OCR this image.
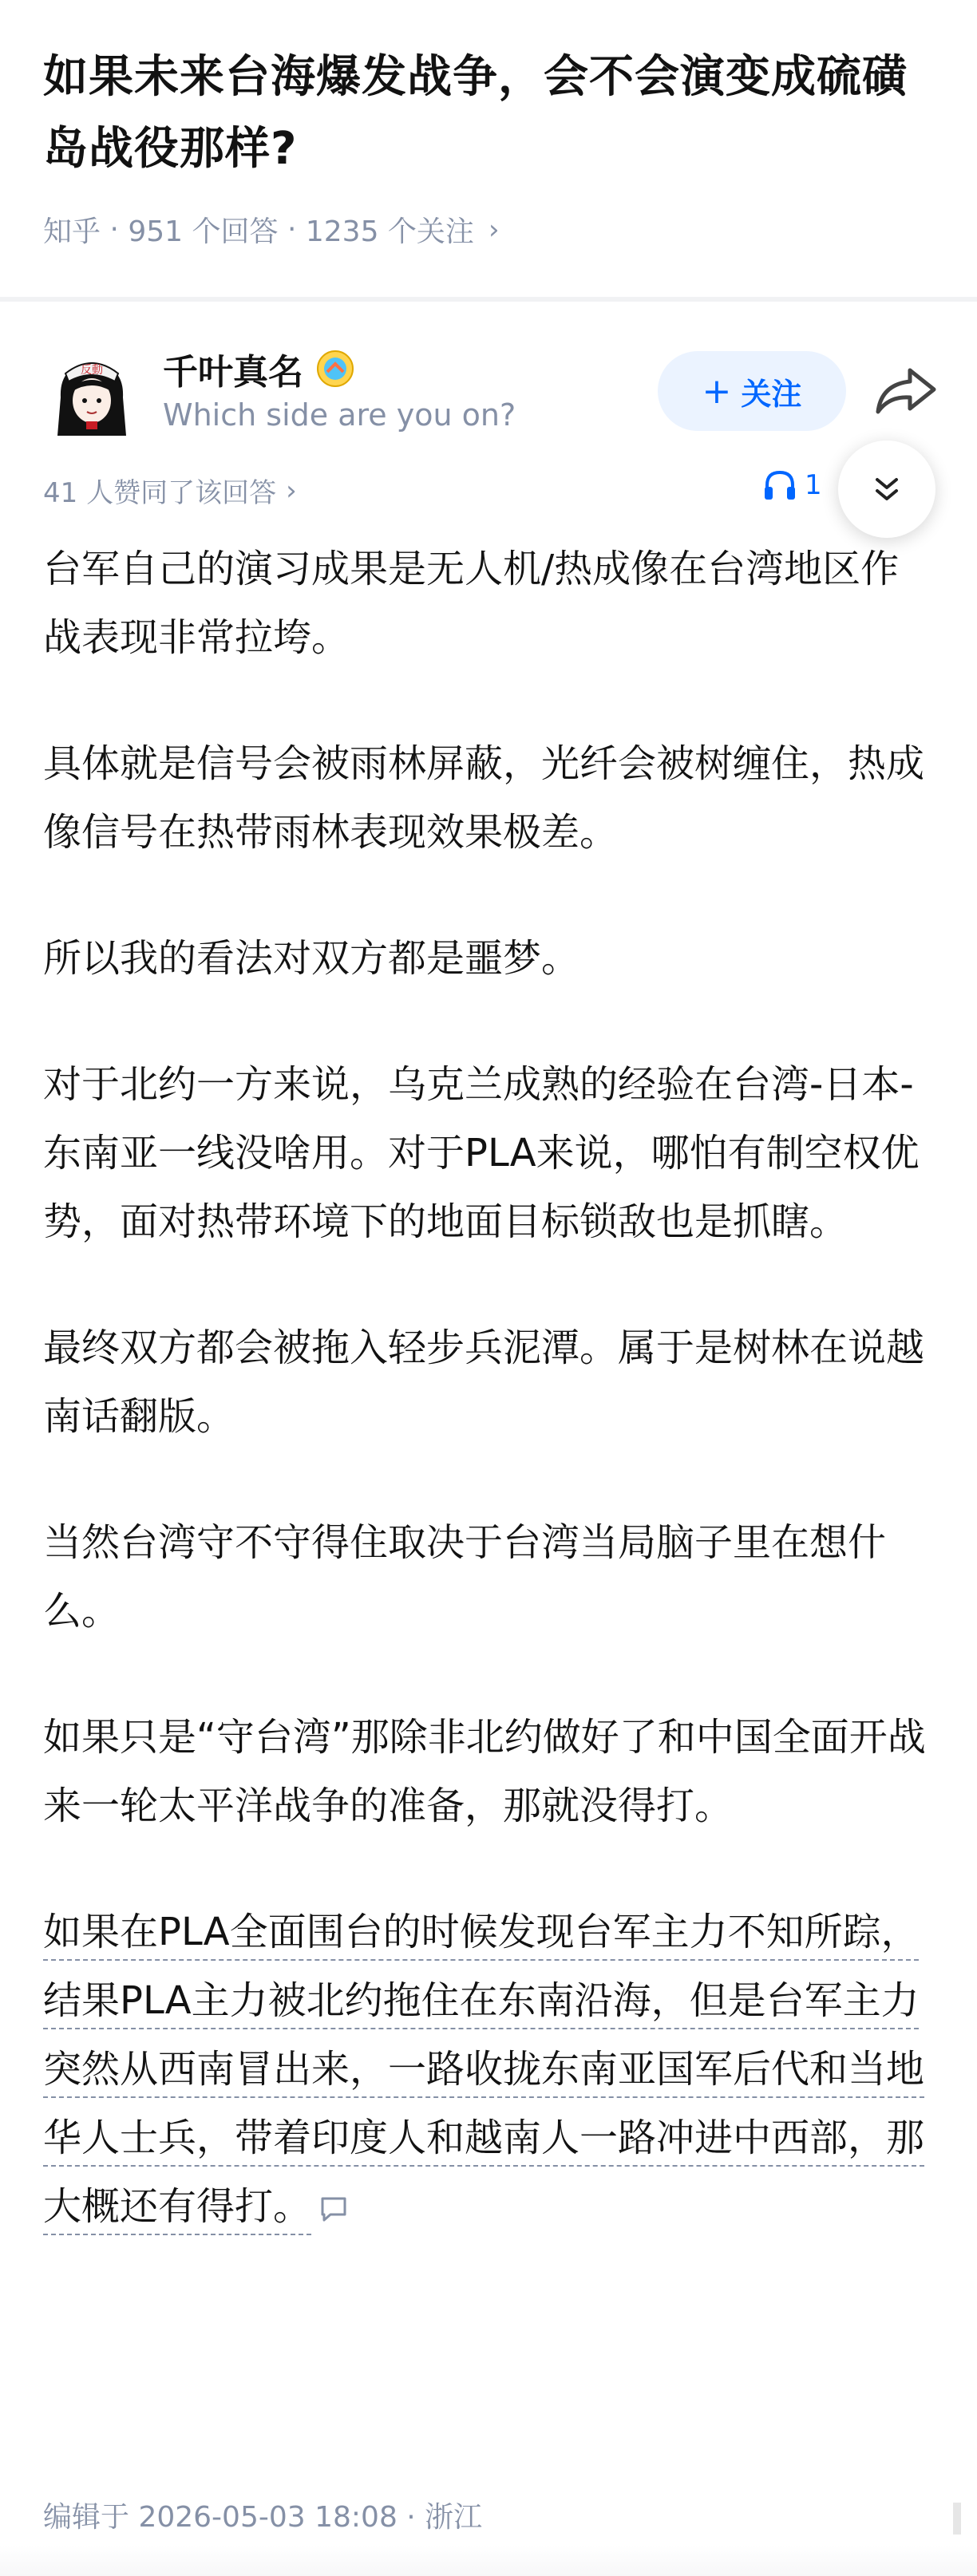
如果未来台海爆发战争，会不会演变成硫磺岛战役那样?
知乎 · 951 个回答 · 1235 个关注 ›
反動 千叶真名
Which side are you on?
+ 关注
41 人赞同了该回答 ›	1

台军自己的演习成果是无人机/热成像在台湾地区作战表现非常拉垮。

具体就是信号会被雨林屏蔽，光纤会被树缠住，热成像信号在热带雨林表现效果极差。

所以我的看法对双方都是噩梦。

对于北约一方来说，乌克兰成熟的经验在台湾-日本-东南亚一线没啥用。对于PLA来说，哪怕有制空权优势，面对热带环境下的地面目标锁敌也是抓瞎。

最终双方都会被拖入轻步兵泥潭。属于是树林在说越南话翻版。

当然台湾守不守得住取决于台湾当局脑子里在想什么。

如果只是“守台湾”那除非北约做好了和中国全面开战来一轮太平洋战争的准备，那就没得打。

如果在PLA全面围台的时候发现台军主力不知所踪，结果PLA主力被北约拖住在东南沿海，但是台军主力突然从西南冒出来，一路收拢东南亚国军后代和当地华人士兵，带着印度人和越南人一路冲进中西部，那大概还有得打。

编辑于 2026-05-03 18:08 · 浙江
